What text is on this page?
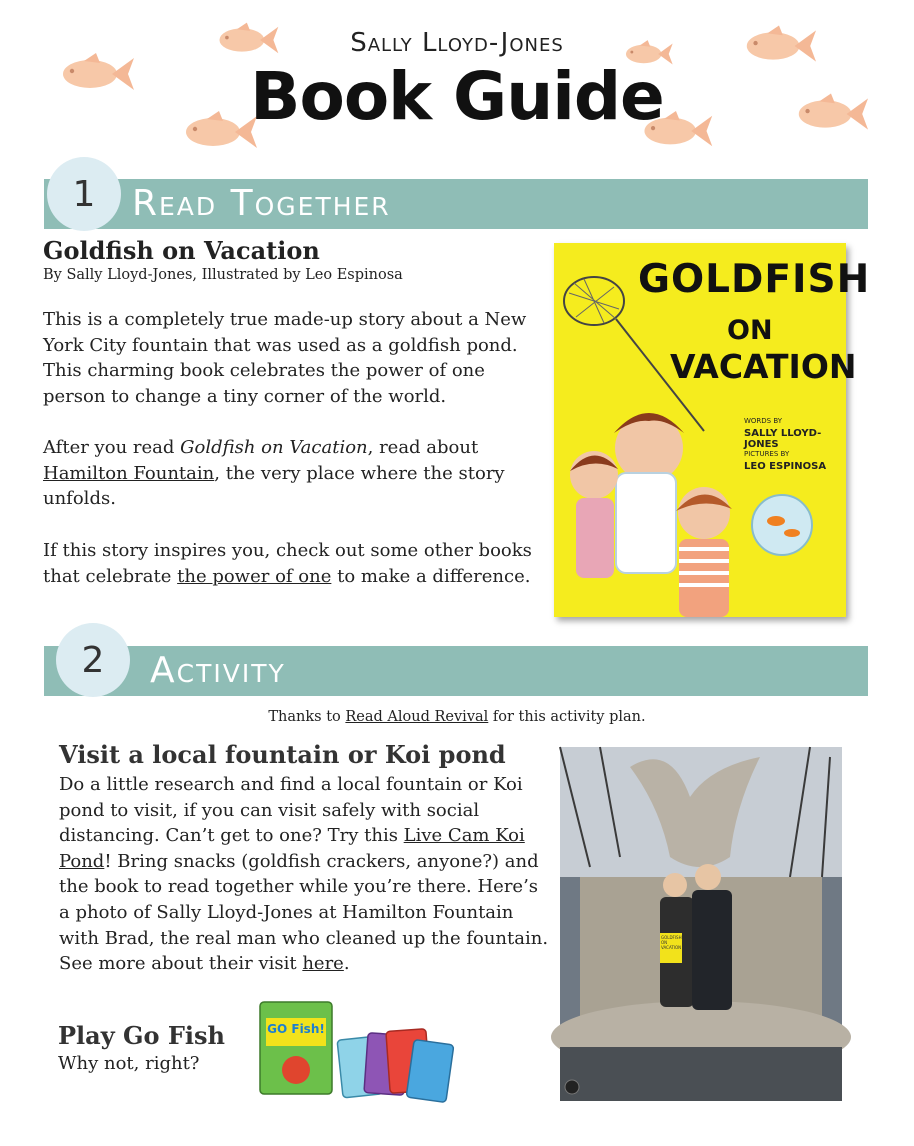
Sally Lloyd-Jones
Book Guide
1	Read Together
Goldfish on Vacation
By Sally Lloyd-Jones, Illustrated by Leo Espinosa
This is a completely true made-up story about a New York City fountain that was used as a goldfish pond. This charming book celebrates the power of one person to change a tiny corner of the world.
After you read Goldfish on Vacation, read about Hamilton Fountain, the very place where the story unfolds.
If this story inspires you, check out some other books that celebrate the power of one to make a difference.
GOLDFISH
ON
VACATION
WORDS BY
SALLY LLOYD-JONES
PICTURES BY
LEO ESPINOSA
2	Activity
Thanks to Read Aloud Revival for this activity plan.
Visit a local fountain or Koi pond
Do a little research and find a local fountain or Koi pond to visit, if you can visit safely with social distancing. Can’t get to one? Try this Live Cam Koi Pond! Bring snacks (goldfish crackers, anyone?) and the book to read together while you’re there. Here’s a photo of Sally Lloyd-Jones at Hamilton Fountain with Brad, the real man who cleaned up the fountain. See more about their visit here.
Play Go Fish
Why not, right?
GO Fish!
GOLDFISH ON VACATION
